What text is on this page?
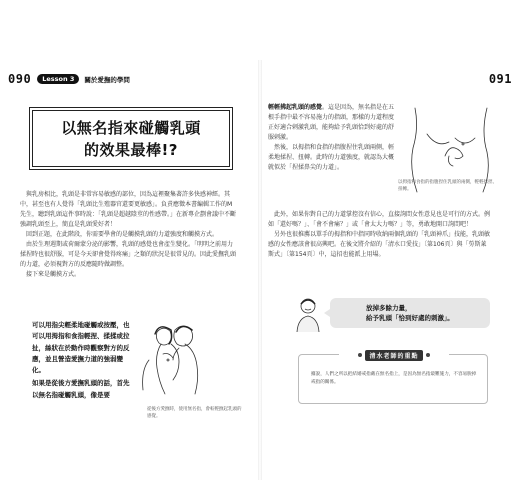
090	Lesson 3	關於愛撫的學問	091
以無名指來碰觸乳頭
的效果最棒!?

與乳房相比，乳頭是非常容易敏感的部位，因為這裡聚集著許多快感神經。其中，甚至也有人覺得「乳頭比生殖器官還要更敏感」。負責應徵本書編輯工作的M先生，聽到乳頭這件事時說：「乳頭是超越陰莖的性感帶。」在新專企劃會議中不斷強調乳頭至上，簡直是乳頭愛好者！

回到正題，在此階段，你需要學會的是觸摸乳頭的力道強度和觸摸方式。

由於生理週期或荷爾蒙分泌的影響，乳頭的感覺也會產生變化。「明明之前用力揉捏時也很舒服，可是今天卻會覺得疼痛」之類的狀況是很常見的。因此愛撫乳頭的力道，必須視對方的反應隨時做調整。

接下來是觸摸方式。

可以用指尖輕柔地碰觸或按壓，也可以用拇指和食指輕捏、揉揉或拉扯，絲狀在於動作時觀察對方的反應，並且營造愛撫力道的強弱變化。
如果是從後方愛撫乳頭的話，首先以無名指碰觸乳頭，像是要
從後方愛撫時，使用無名指，會較輕撫起乳頭的感覺。
輕輕拂起乳頭的感覺。這是因為，無名指是在五根手指中最不容易施力的指頭，那樣的力道程度正好適合刺激乳頭，能夠給予乳頭恰到好處的舒服刺激。

然後，以拇指和食指的指腹捏住乳頭兩側，輕柔地揉捏、扭轉。此時的力道強度，就認為大概就似於「捏揉鼻尖的力道」。

以拇指和食指的指腹捏住乳頭的兩側，輕輕揉捏、扭轉。

此外，如果你對自己的力道掌控沒有信心，直接詢問女性意見也是可行的方式。例如「還好嗎？」、「會不會痛？」或「會太大力嗎？」等，勇敢地開口詢問吧！

另外也很推薦以單手的拇指和中指同時收納兩個乳頭的「乳頭神爪」技能，乳頭敏感的女性應該會很高興吧。在後文將介紹的「清水口愛技」〔第106頁〕與「勞斯萊斯式」〔第154頁〕中，這招也能派上用場。

放掉多餘力量，
給予乳頭「恰到好處的刺激」。
清水老師的重點
據說，人們之所以把結婚戒指戴在無名指上，是因為無名指最難施力，不容易脫掉戒指的關係。
